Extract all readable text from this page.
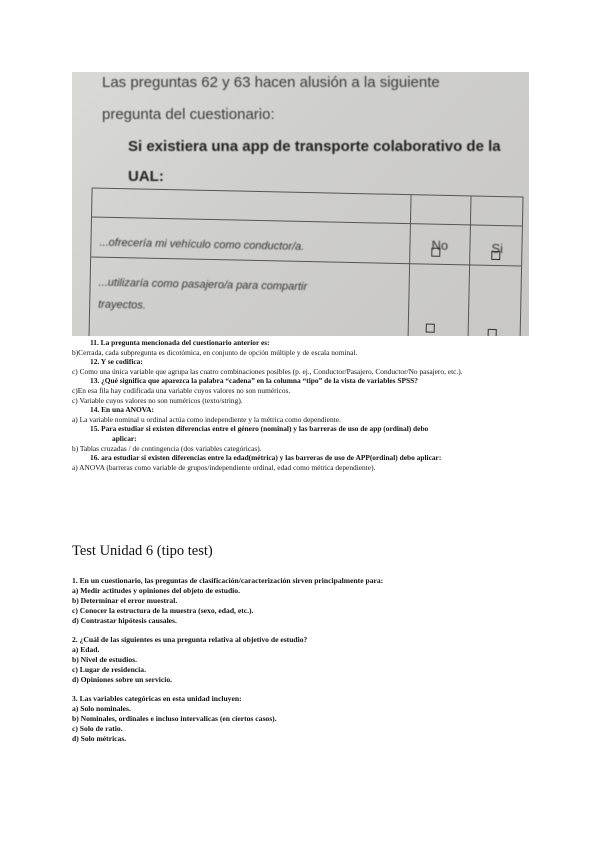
Las preguntas 62 y 63 hacen alusión a la siguiente
pregunta del cuestionario:
Si existiera una app de transporte colaborativo de la
UAL:
No	Si
...ofrecería mi vehículo como conductor/a.
...utilizaría como pasajero/a para compartir
trayectos.
11. La pregunta mencionada del cuestionario anterior es:
b)Cerrada, cada subpregunta es dicotómica, en conjunto de opción múltiple y de escala nominal.
12. Y se codifica:
c) Como una única variable que agrupa las cuatro combinaciones posibles (p. ej., Conductor/Pasajero, Conductor/No pasajero, etc.).
13. ¿Qué significa que aparezca la palabra “cadena” en la columna “tipo” de la vista de variables SPSS?
c)En esa fila hay codificada una variable cuyos valores no son numéricos.
c) Variable cuyos valores no son numéricos (texto/string).
14. En una ANOVA:
a) La variable nominal u ordinal actúa como independiente y la métrica como dependiente.
15. Para estudiar si existen diferencias entre el género (nominal) y las barreras de uso de app (ordinal) debo
aplicar:
b) Tablas cruzadas / de contingencia (dos variables categóricas).
16. ara estudiar si existen diferencias entre la edad(métrica) y las barreras de uso de APP(ordinal) debo aplicar:
a) ANOVA (barreras como variable de grupos/independiente ordinal, edad como métrica dependiente).
Test Unidad 6 (tipo test)
1. En un cuestionario, las preguntas de clasificación/caracterización sirven principalmente para:
a) Medir actitudes y opiniones del objeto de estudio.
b) Determinar el error muestral.
c) Conocer la estructura de la muestra (sexo, edad, etc.).
d) Contrastar hipótesis causales.
2. ¿Cuál de las siguientes es una pregunta relativa al objetivo de estudio?
a) Edad.
b) Nivel de estudios.
c) Lugar de residencia.
d) Opiniones sobre un servicio.
3. Las variables categóricas en esta unidad incluyen:
a) Solo nominales.
b) Nominales, ordinales e incluso intervalicas (en ciertos casos).
c) Solo de ratio.
d) Solo métricas.
